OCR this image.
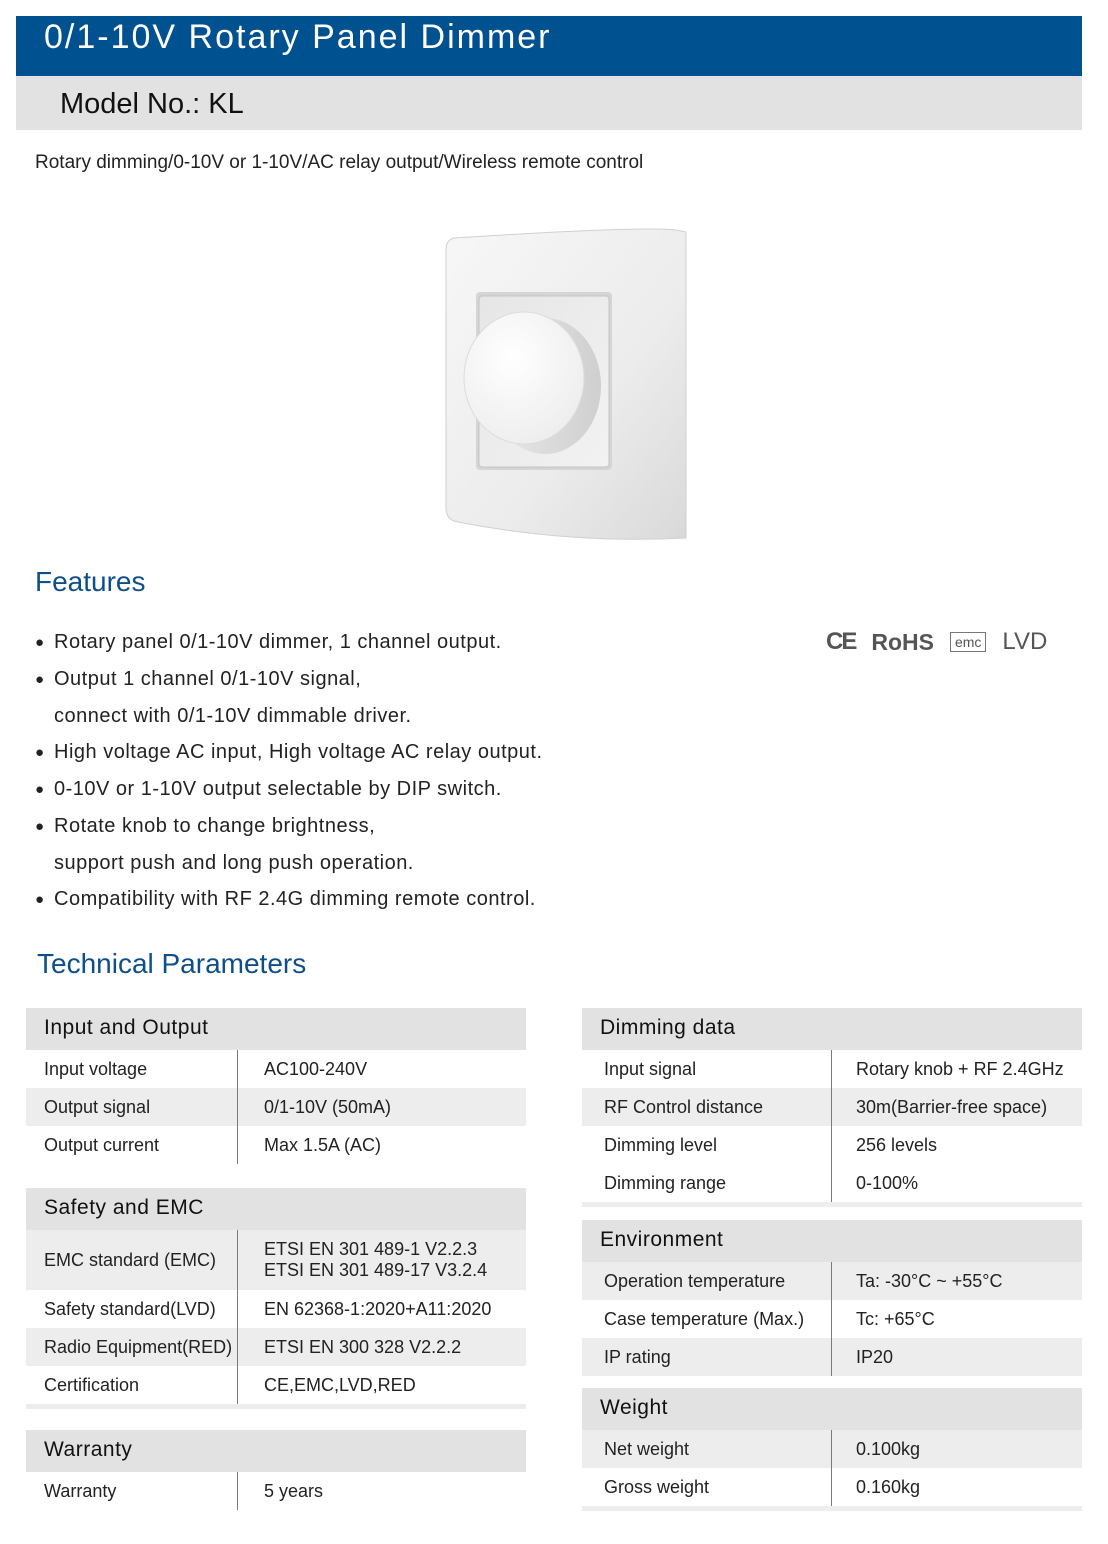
0/1-10V Rotary Panel Dimmer
Model No.: KL
Rotary dimming/0-10V or 1-10V/AC relay output/Wireless remote control
Features
● Rotary panel 0/1-10V dimmer, 1 channel output.
● Output 1 channel 0/1-10V signal,
connect with 0/1-10V dimmable driver.
● High voltage AC input, High voltage AC relay output.
● 0-10V or 1-10V output selectable by DIP switch.
● Rotate knob to change brightness,
support push and long push operation.
● Compatibility with RF 2.4G dimming remote control.
CE RoHS	emc LVD
Technical Parameters
Input and Output
Input voltage	AC100-240V
Output signal	0/1-10V (50mA)
Output current	Max 1.5A (AC)
Safety and EMC
EMC standard (EMC)
ETSI EN 301 489-1 V2.2.3
ETSI EN 301 489-17 V3.2.4
Safety standard(LVD)	EN 62368-1:2020+A11:2020
Radio Equipment(RED)	ETSI EN 300 328 V2.2.2
Certification	CE,EMC,LVD,RED
Warranty
Warranty	5 years
Dimming data
Input signal	Rotary knob + RF 2.4GHz
RF Control distance	30m(Barrier-free space)
Dimming level	256 levels
Dimming range	0-100%
Environment
Operation temperature	Ta: -30°C ~ +55°C
Case temperature (Max.)	Tc: +65°C
IP rating	IP20
Weight
Net weight	0.100kg
Gross weight	0.160kg
